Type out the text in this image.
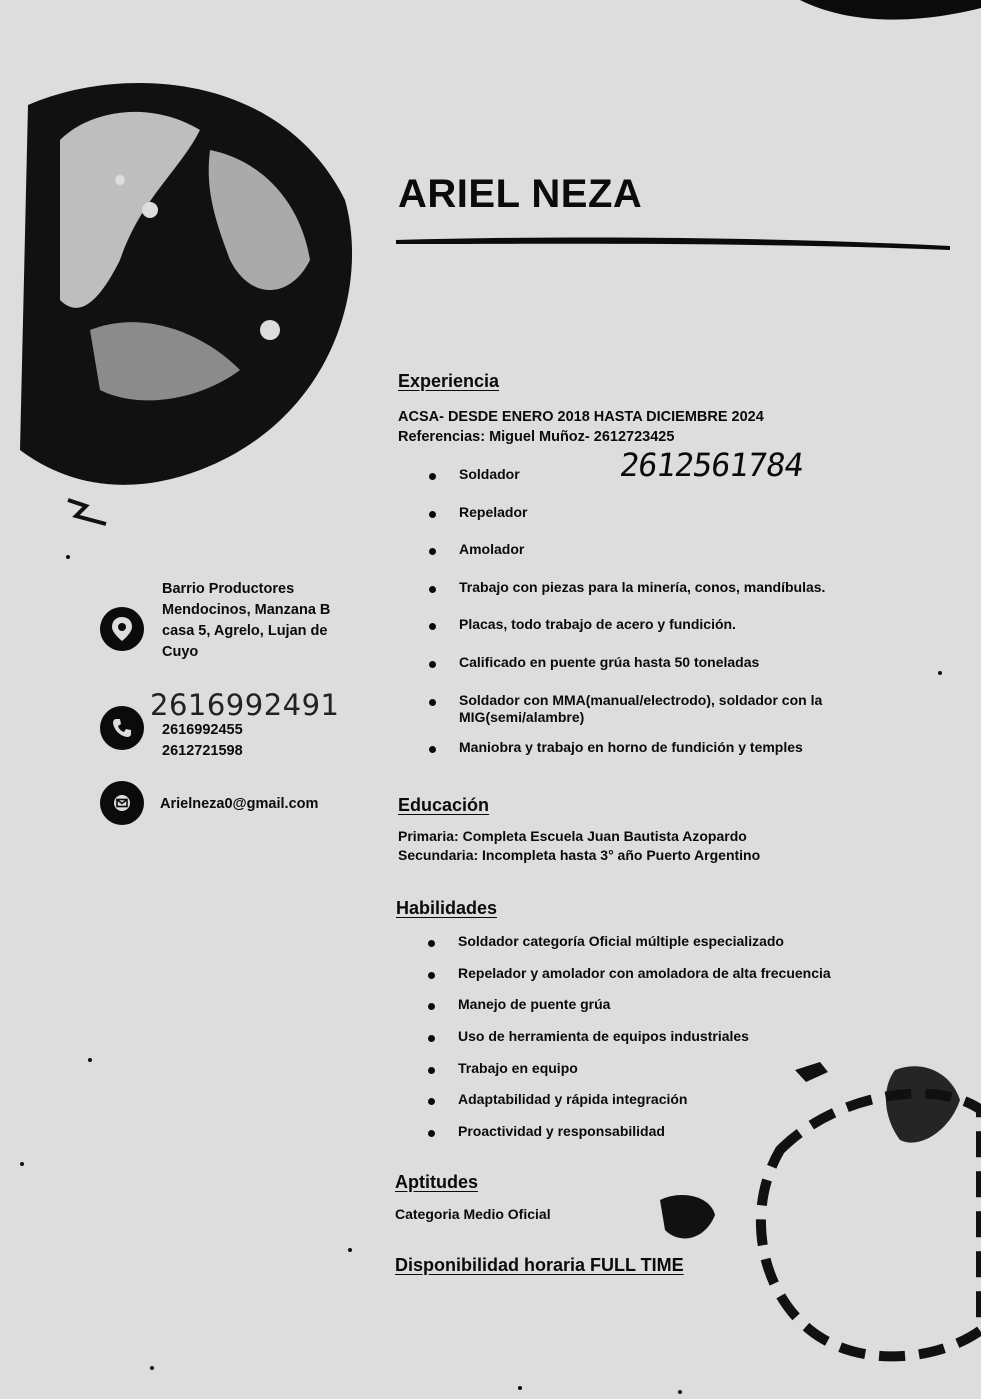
ARIEL NEZA
Barrio Productores
Mendocinos, Manzana B
casa 5, Agrelo, Lujan de
Cuyo
2616992491
2616992455
2612721598
Arielneza0@gmail.com
Experiencia
ACSA- DESDE ENERO 2018 HASTA DICIEMBRE 2024
Referencias: Miguel Muñoz- 2612723425
2612561784
Soldador
Repelador
Amolador
Trabajo con piezas para la minería, conos, mandíbulas.
Placas, todo trabajo de acero y fundición.
Calificado en puente grúa hasta 50 toneladas
Soldador con MMA(manual/electrodo), soldador con la MIG(semi/alambre)
Maniobra y trabajo en horno de fundición y temples
Educación
Primaria: Completa Escuela Juan Bautista Azopardo
Secundaria: Incompleta hasta 3° año Puerto Argentino
Habilidades
Soldador categoría Oficial múltiple especializado
Repelador y amolador con amoladora de alta frecuencia
Manejo de puente grúa
Uso de herramienta de equipos industriales
Trabajo en equipo
Adaptabilidad y rápida integración
Proactividad y responsabilidad
Aptitudes
Categoria Medio Oficial
Disponibilidad horaria FULL TIME
